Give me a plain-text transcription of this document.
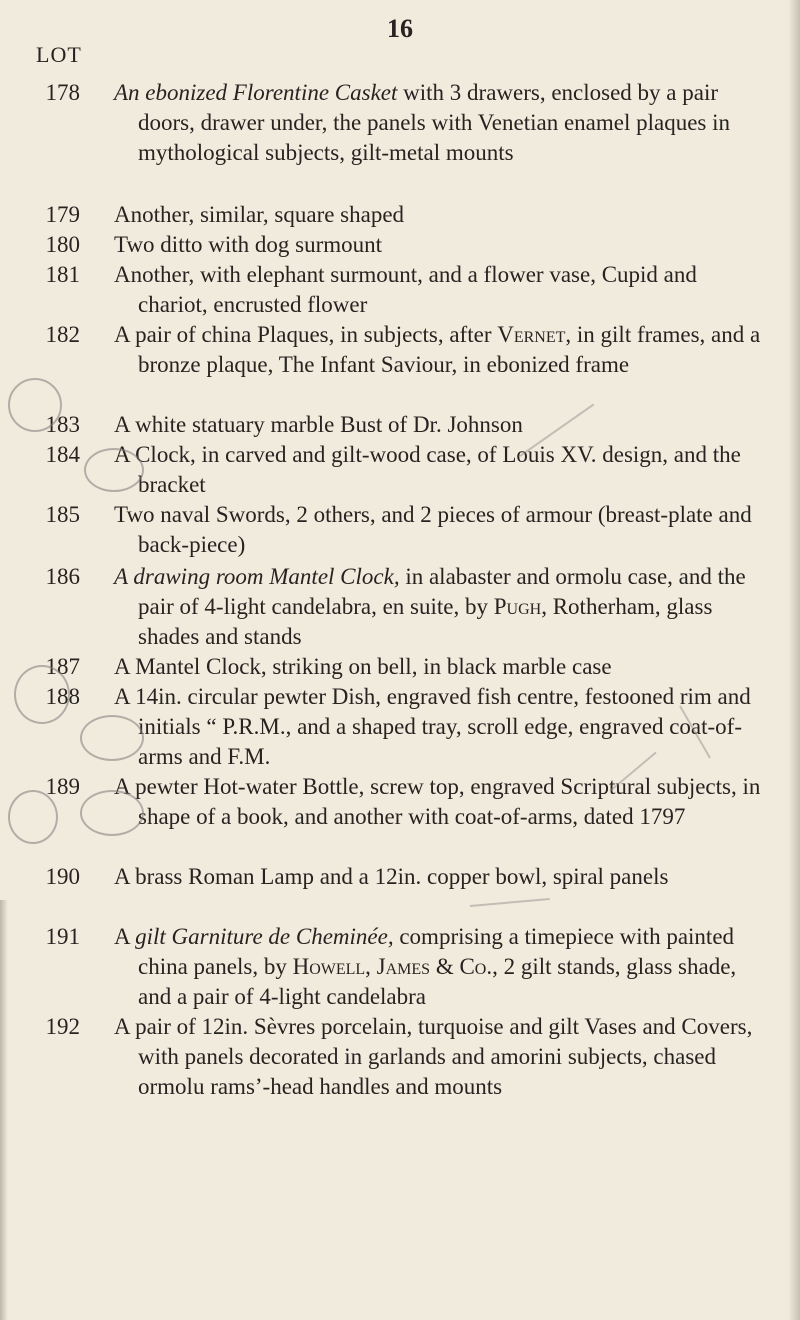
16
LOT
178 An ebonized Florentine Casket with 3 drawers, enclosed by a pair doors, drawer under, the panels with Venetian enamel plaques in mythological subjects, gilt-metal mounts
179 Another, similar, square shaped
180 Two ditto with dog surmount
181 Another, with elephant surmount, and a flower vase, Cupid and chariot, encrusted flower
182 A pair of china Plaques, in subjects, after Vernet, in gilt frames, and a bronze plaque, The Infant Saviour, in ebonized frame
183 A white statuary marble Bust of Dr. Johnson
184 A Clock, in carved and gilt-wood case, of Louis XV. design, and the bracket
185 Two naval Swords, 2 others, and 2 pieces of armour (breast-plate and back-piece)
186 A drawing room Mantel Clock, in alabaster and ormolu case, and the pair of 4-light candelabra, en suite, by Pugh, Rotherham, glass shades and stands
187 A Mantel Clock, striking on bell, in black marble case
188 A 14in. circular pewter Dish, engraved fish centre, festooned rim and initials “ P.R.M., and a shaped tray, scroll edge, engraved coat-of-arms and F.M.
189 A pewter Hot-water Bottle, screw top, engraved Scriptural subjects, in shape of a book, and another with coat-of-arms, dated 1797
190 A brass Roman Lamp and a 12in. copper bowl, spiral panels
191 A gilt Garniture de Cheminée, comprising a timepiece with painted china panels, by Howell, James & Co., 2 gilt stands, glass shade, and a pair of 4-light candelabra
192 A pair of 12in. Sèvres porcelain, turquoise and gilt Vases and Covers, with panels decorated in garlands and amorini subjects, chased ormolu rams’-head handles and mounts
